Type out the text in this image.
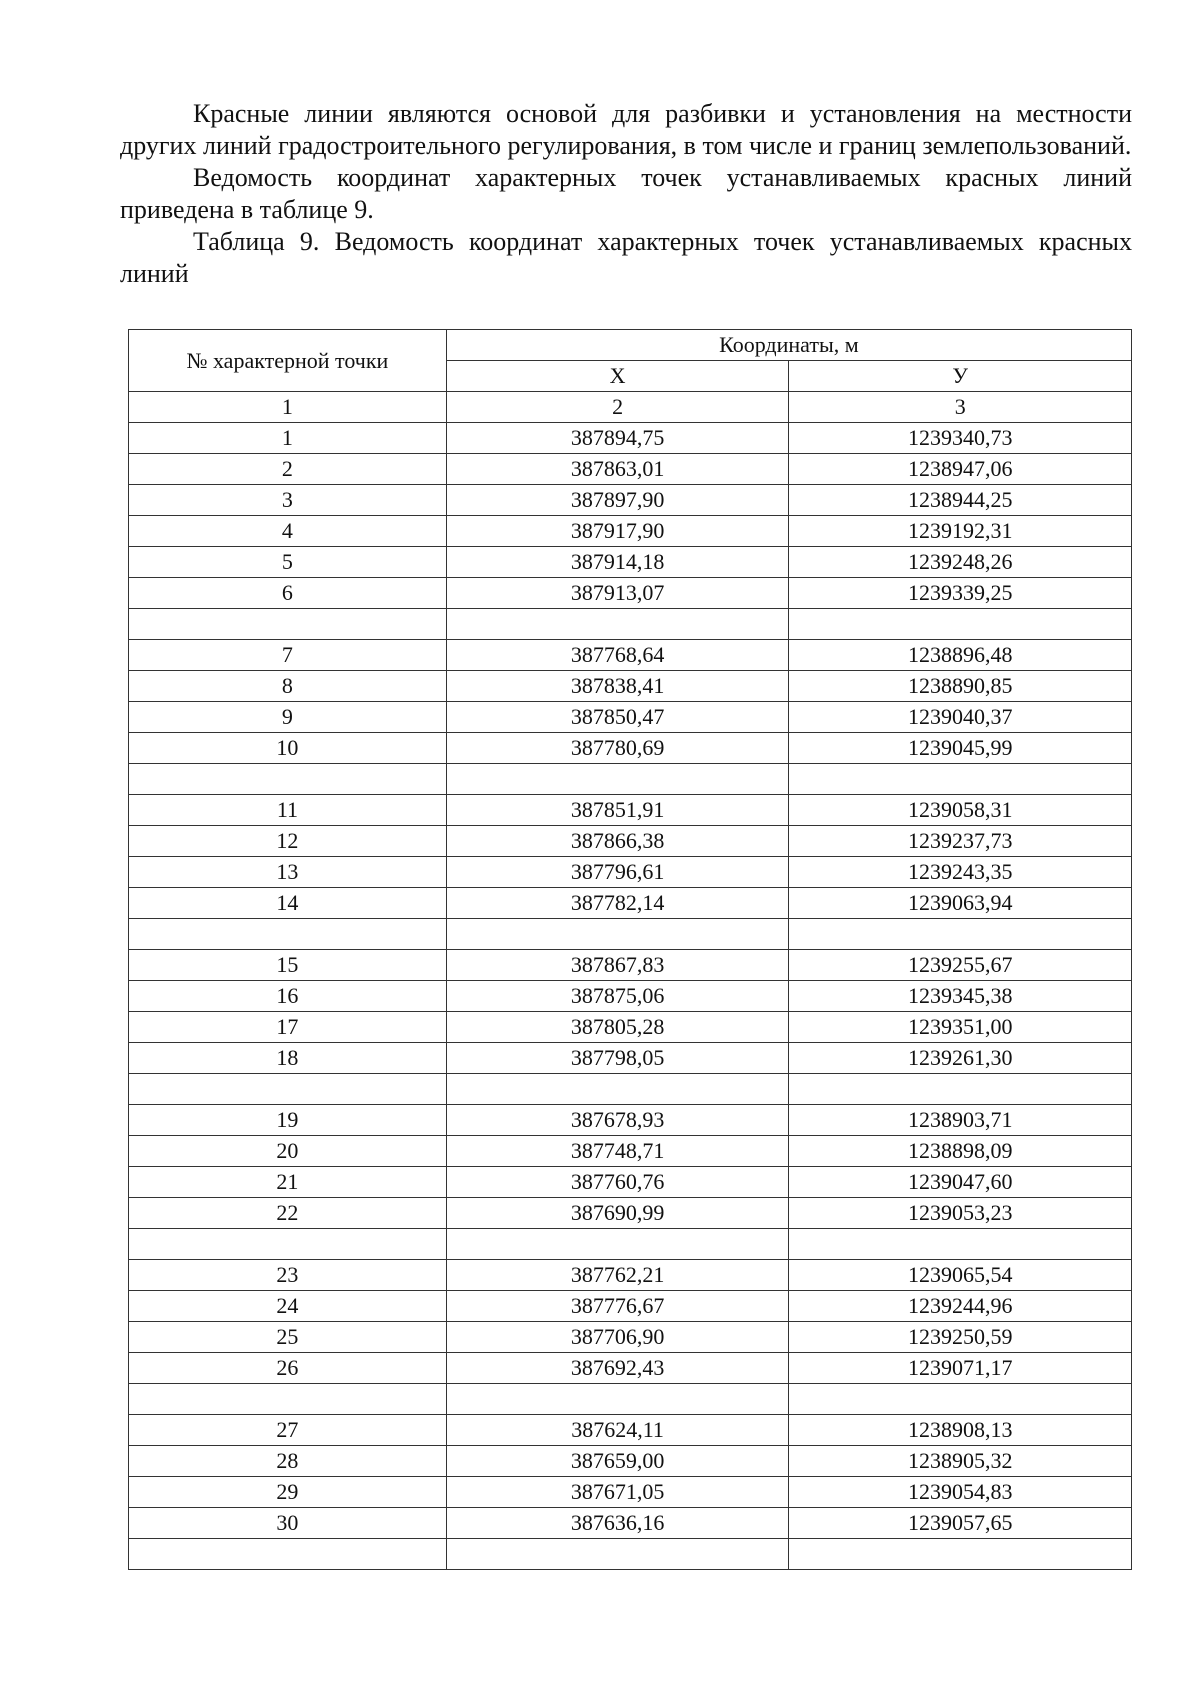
Красные линии являются основой для разбивки и установления на местности других линий градостроительного регулирования, в том числе и границ землепользований.

Ведомость координат характерных точек устанавливаемых красных линий приведена в таблице 9.

Таблица 9. Ведомость координат характерных точек устанавливаемых красных линий

№ характерной точки	Координаты, м	
	X	У
1	2	3
1	387894,75	1239340,73
2	387863,01	1238947,06
3	387897,90	1238944,25
4	387917,90	1239192,31
5	387914,18	1239248,26
6	387913,07	1239339,25

7	387768,64	1238896,48
8	387838,41	1238890,85
9	387850,47	1239040,37
10	387780,69	1239045,99

11	387851,91	1239058,31
12	387866,38	1239237,73
13	387796,61	1239243,35
14	387782,14	1239063,94

15	387867,83	1239255,67
16	387875,06	1239345,38
17	387805,28	1239351,00
18	387798,05	1239261,30

19	387678,93	1238903,71
20	387748,71	1238898,09
21	387760,76	1239047,60
22	387690,99	1239053,23

23	387762,21	1239065,54
24	387776,67	1239244,96
25	387706,90	1239250,59
26	387692,43	1239071,17

27	387624,11	1238908,13
28	387659,00	1238905,32
29	387671,05	1239054,83
30	387636,16	1239057,65
